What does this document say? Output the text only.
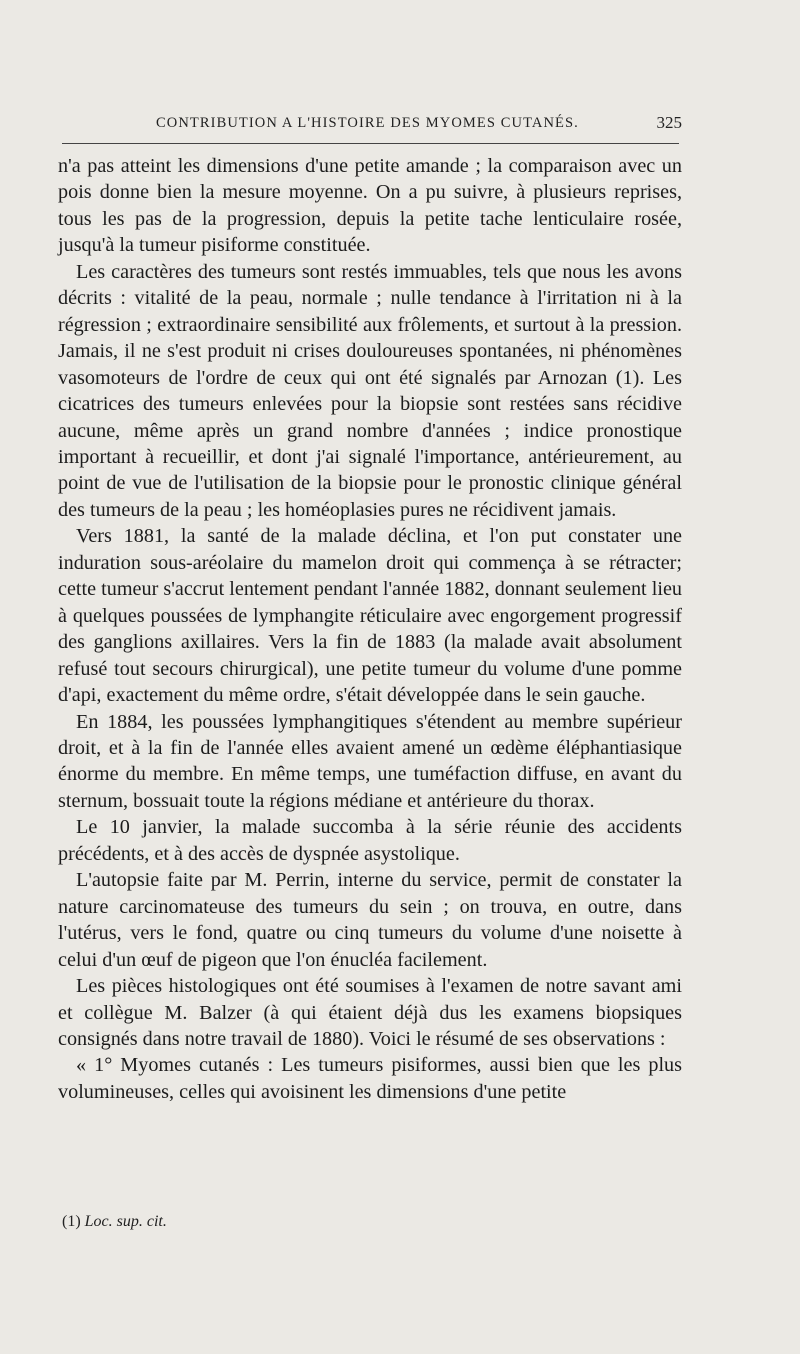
CONTRIBUTION A L'HISTOIRE DES MYOMES CUTANÉS.	325

n'a pas atteint les dimensions d'une petite amande ; la comparaison avec un pois donne bien la mesure moyenne. On a pu suivre, à plusieurs reprises, tous les pas de la progression, depuis la petite tache lenticulaire rosée, jusqu'à la tumeur pisiforme constituée.

Les caractères des tumeurs sont restés immuables, tels que nous les avons décrits : vitalité de la peau, normale ; nulle tendance à l'irritation ni à la régression ; extraordinaire sensibilité aux frôlements, et surtout à la pression. Jamais, il ne s'est produit ni crises douloureuses spontanées, ni phénomènes vasomoteurs de l'ordre de ceux qui ont été signalés par Arnozan (1). Les cicatrices des tumeurs enlevées pour la biopsie sont restées sans récidive aucune, même après un grand nombre d'années ; indice pronostique important à recueillir, et dont j'ai signalé l'importance, antérieurement, au point de vue de l'utilisation de la biopsie pour le pronostic clinique général des tumeurs de la peau ; les homéoplasies pures ne récidivent jamais.

Vers 1881, la santé de la malade déclina, et l'on put constater une induration sous-aréolaire du mamelon droit qui commença à se rétracter; cette tumeur s'accrut lentement pendant l'année 1882, donnant seulement lieu à quelques poussées de lymphangite réticulaire avec engorgement progressif des ganglions axillaires. Vers la fin de 1883 (la malade avait absolument refusé tout secours chirurgical), une petite tumeur du volume d'une pomme d'api, exactement du même ordre, s'était développée dans le sein gauche.

En 1884, les poussées lymphangitiques s'étendent au membre supérieur droit, et à la fin de l'année elles avaient amené un œdème éléphantiasique énorme du membre. En même temps, une tuméfaction diffuse, en avant du sternum, bossuait toute la régions médiane et antérieure du thorax.

Le 10 janvier, la malade succomba à la série réunie des accidents précédents, et à des accès de dyspnée asystolique.

L'autopsie faite par M. Perrin, interne du service, permit de constater la nature carcinomateuse des tumeurs du sein ; on trouva, en outre, dans l'utérus, vers le fond, quatre ou cinq tumeurs du volume d'une noisette à celui d'un œuf de pigeon que l'on énucléa facilement.

Les pièces histologiques ont été soumises à l'examen de notre savant ami et collègue M. Balzer (à qui étaient déjà dus les examens biopsiques consignés dans notre travail de 1880). Voici le résumé de ses observations :

« 1° Myomes cutanés : Les tumeurs pisiformes, aussi bien que les plus volumineuses, celles qui avoisinent les dimensions d'une petite

(1) Loc. sup. cit.
